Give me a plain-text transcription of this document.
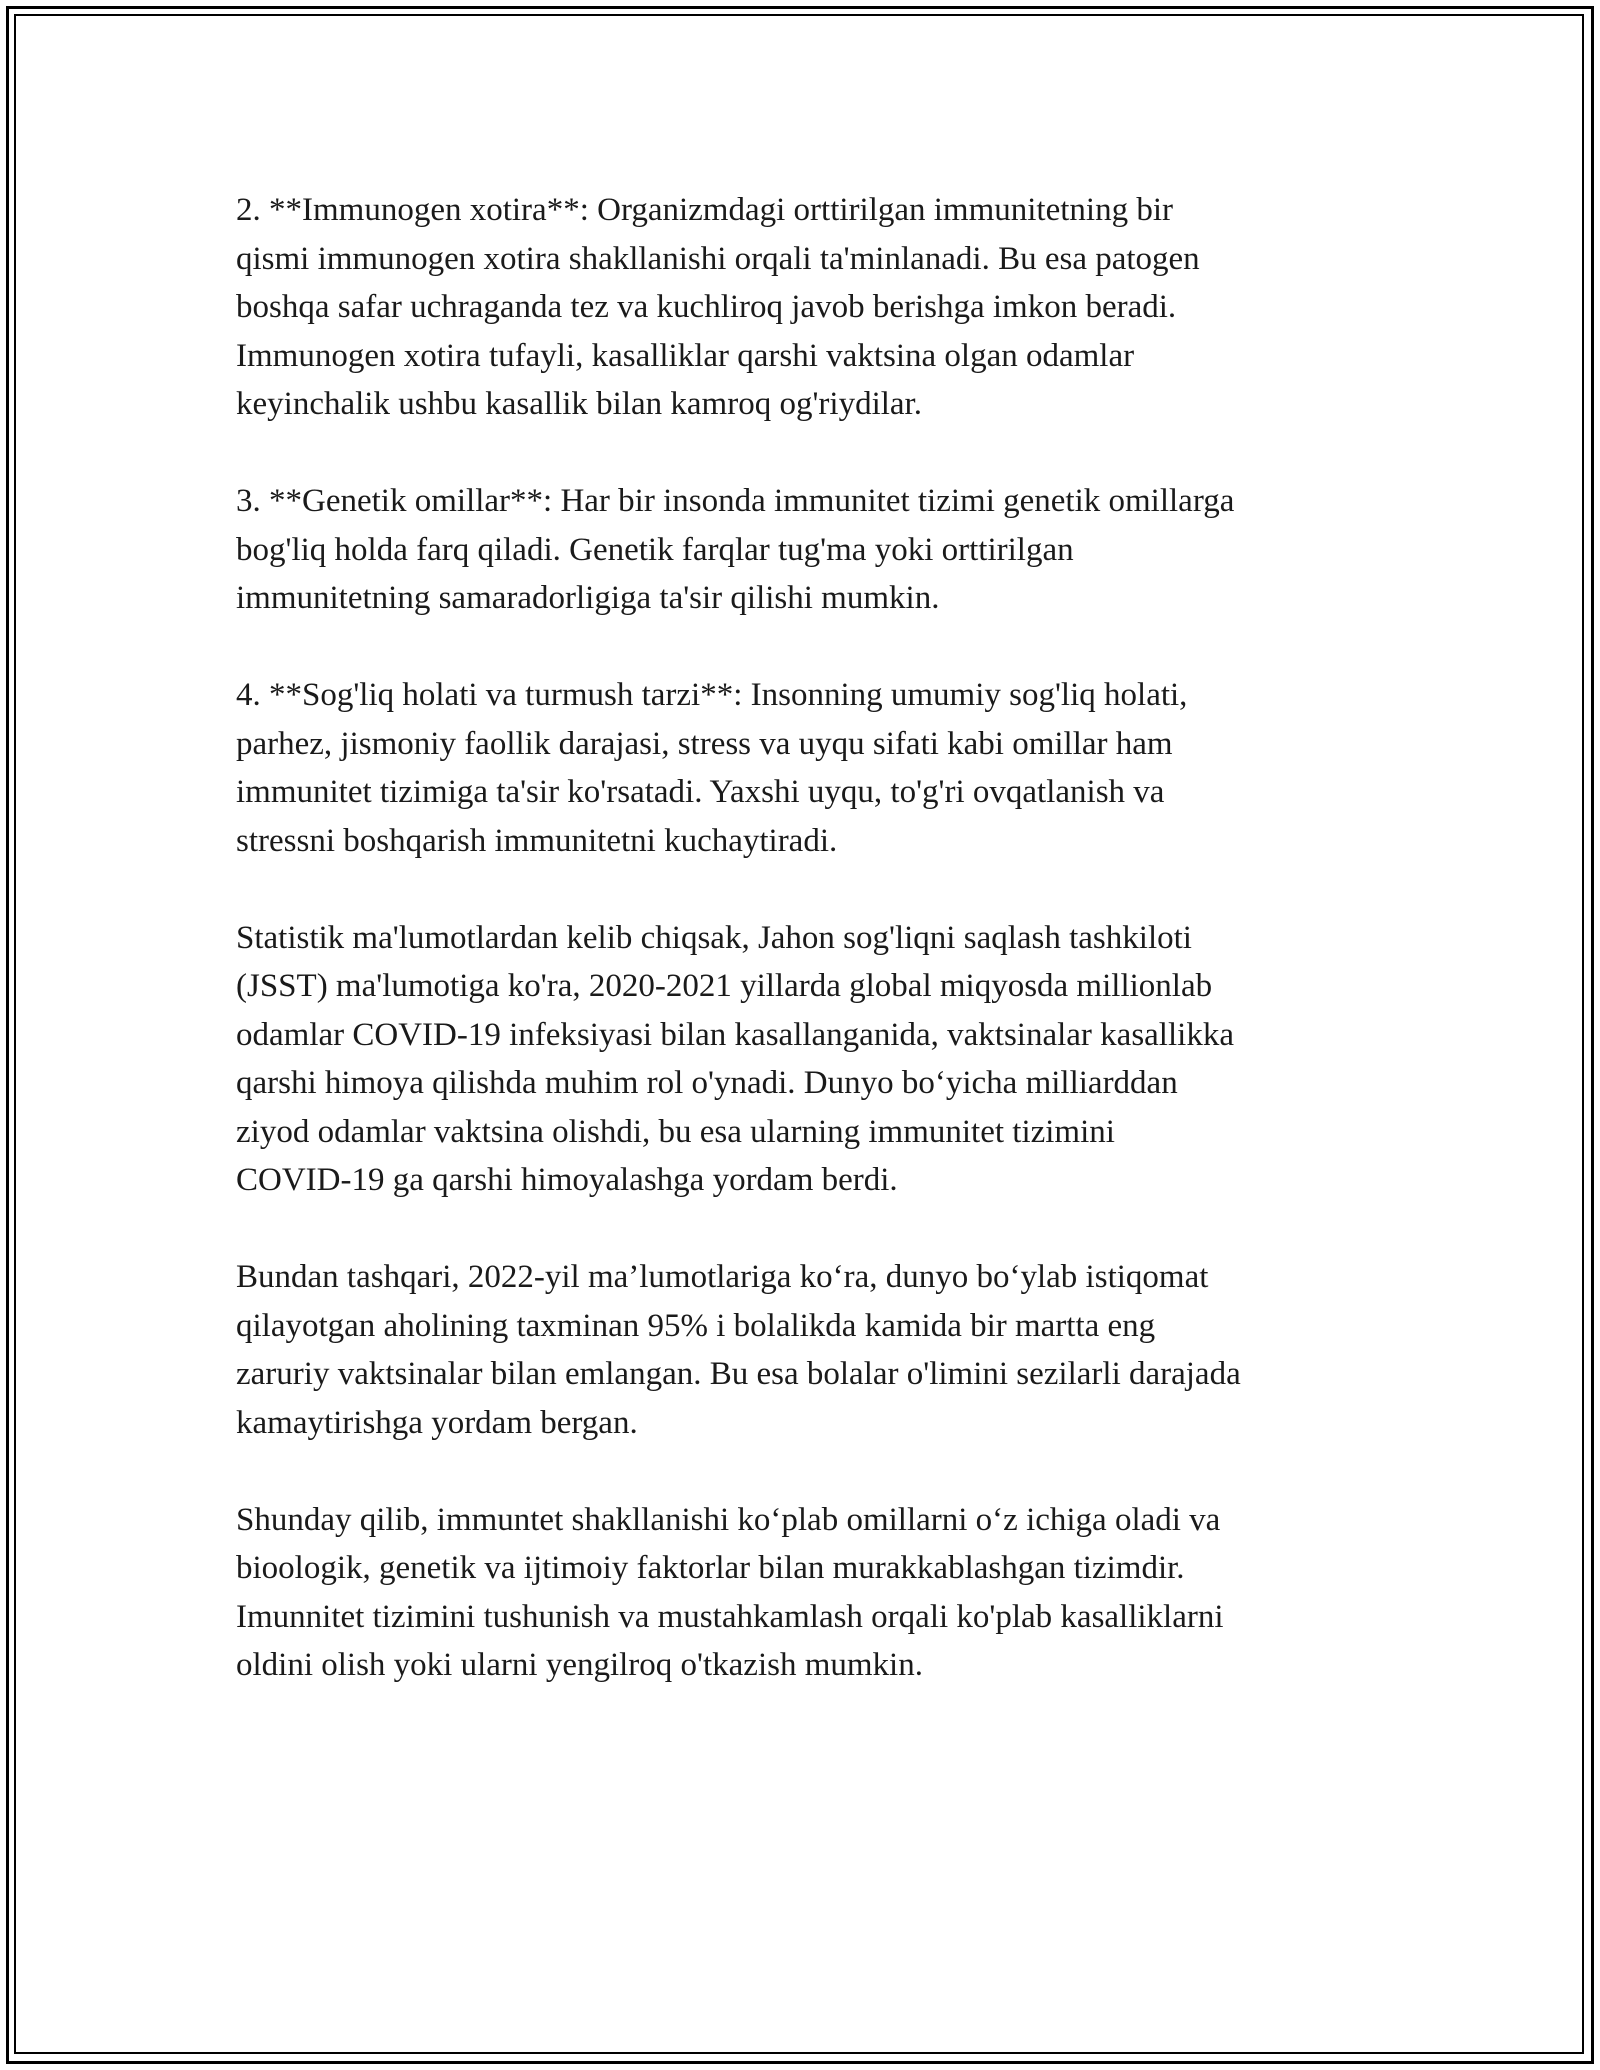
2. **Immunogen xotira**: Organizmdagi orttirilgan immunitetning bir
qismi immunogen xotira shakllanishi orqali ta'minlanadi. Bu esa patogen
boshqa safar uchraganda tez va kuchliroq javob berishga imkon beradi.
Immunogen xotira tufayli, kasalliklar qarshi vaktsina olgan odamlar
keyinchalik ushbu kasallik bilan kamroq og'riydilar.

3. **Genetik omillar**: Har bir insonda immunitet tizimi genetik omillarga
bog'liq holda farq qiladi. Genetik farqlar tug'ma yoki orttirilgan
immunitetning samaradorligiga ta'sir qilishi mumkin.

4. **Sog'liq holati va turmush tarzi**: Insonning umumiy sog'liq holati,
parhez, jismoniy faollik darajasi, stress va uyqu sifati kabi omillar ham
immunitet tizimiga ta'sir ko'rsatadi. Yaxshi uyqu, to'g'ri ovqatlanish va
stressni boshqarish immunitetni kuchaytiradi.

Statistik ma'lumotlardan kelib chiqsak, Jahon sog'liqni saqlash tashkiloti
(JSST) ma'lumotiga ko'ra, 2020-2021 yillarda global miqyosda millionlab
odamlar COVID-19 infeksiyasi bilan kasallanganida, vaktsinalar kasallikka
qarshi himoya qilishda muhim rol o'ynadi. Dunyo bo‘yicha milliarddan
ziyod odamlar vaktsina olishdi, bu esa ularning immunitet tizimini
COVID-19 ga qarshi himoyalashga yordam berdi.

Bundan tashqari, 2022-yil ma’lumotlariga ko‘ra, dunyo bo‘ylab istiqomat
qilayotgan aholining taxminan 95% i bolalikda kamida bir martta eng
zaruriy vaktsinalar bilan emlangan. Bu esa bolalar o'limini sezilarli darajada
kamaytirishga yordam bergan.

Shunday qilib, immuntet shakllanishi ko‘plab omillarni o‘z ichiga oladi va
bioologik, genetik va ijtimoiy faktorlar bilan murakkablashgan tizimdir.
Imunnitet tizimini tushunish va mustahkamlash orqali ko'plab kasalliklarni
oldini olish yoki ularni yengilroq o'tkazish mumkin.
